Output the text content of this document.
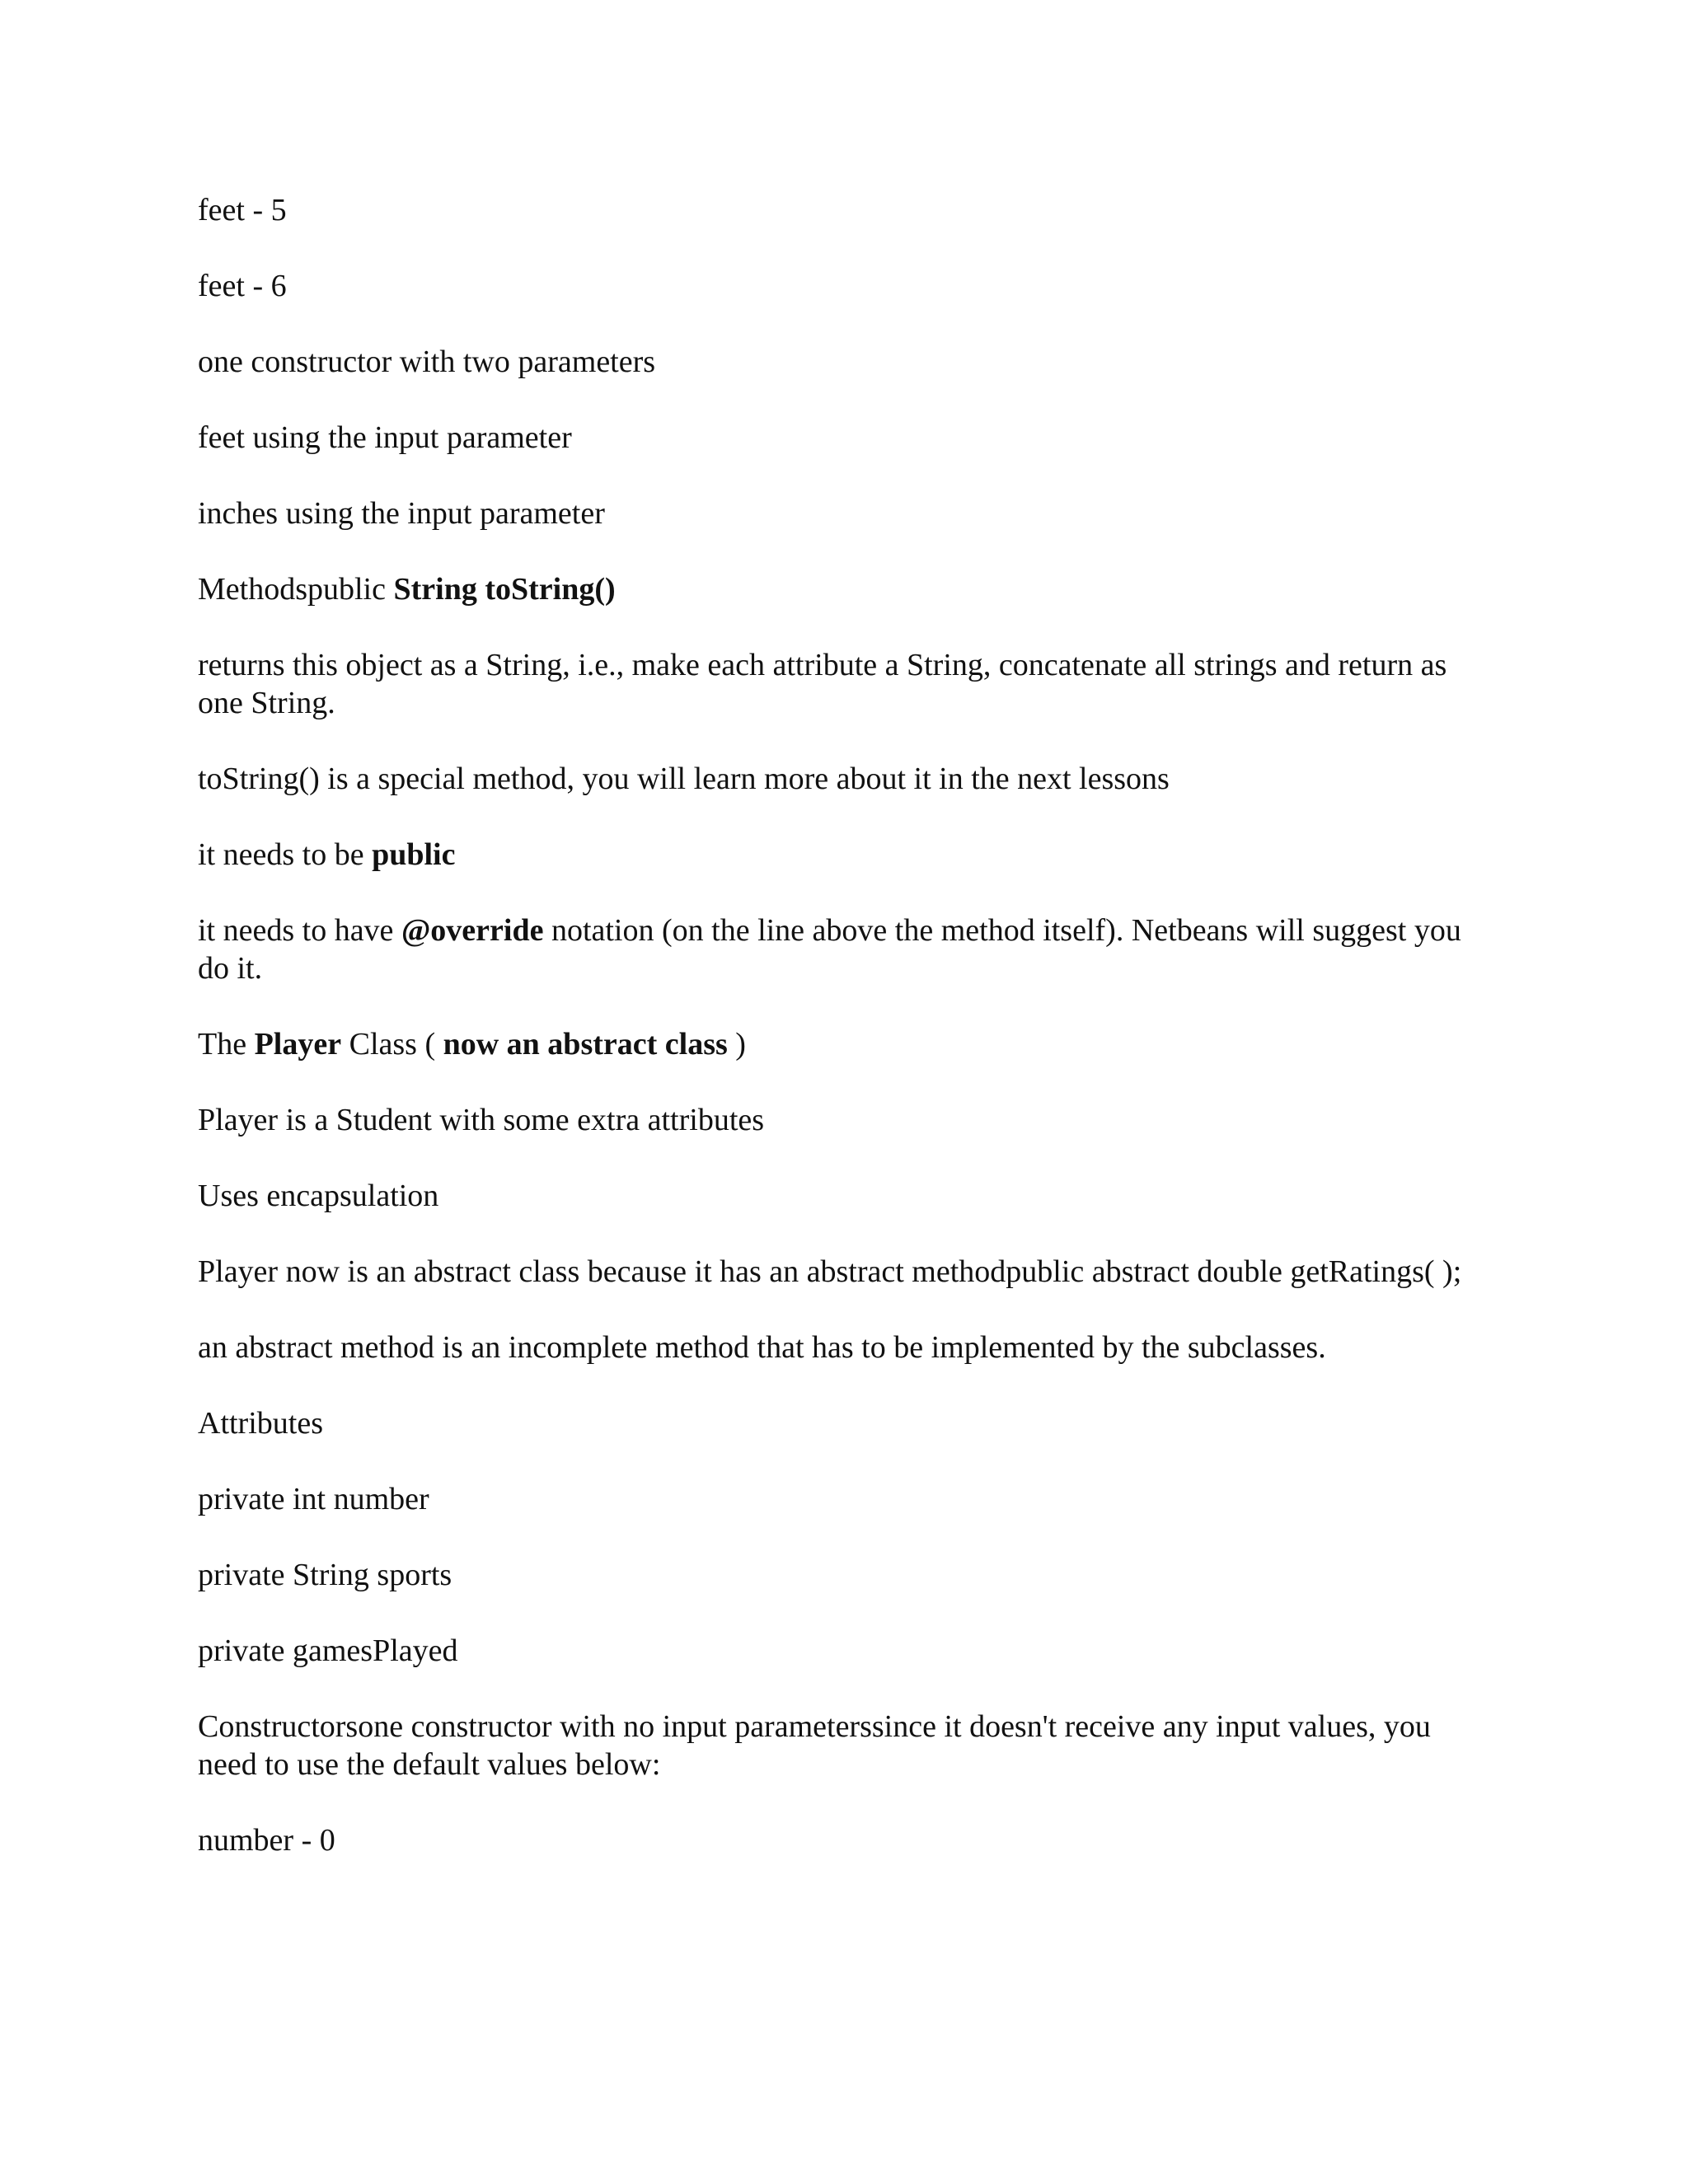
feet - 5

feet - 6

one constructor with two parameters

feet using the input parameter

inches using the input parameter

Methodspublic String toString()

returns this object as a String, i.e., make each attribute a String, concatenate all strings and return as one String.

toString() is a special method, you will learn more about it in the next lessons

it needs to be public

it needs to have @override notation (on the line above the method itself). Netbeans will suggest you do it.

The Player Class ( now an abstract class )

Player is a Student with some extra attributes

Uses encapsulation

Player now is an abstract class because it has an abstract methodpublic abstract double getRatings( );

an abstract method is an incomplete method that has to be implemented by the subclasses.

Attributes

private int number

private String sports

private gamesPlayed

Constructorsone constructor with no input parameterssince it doesn't receive any input values, you need to use the default values below:

number - 0
